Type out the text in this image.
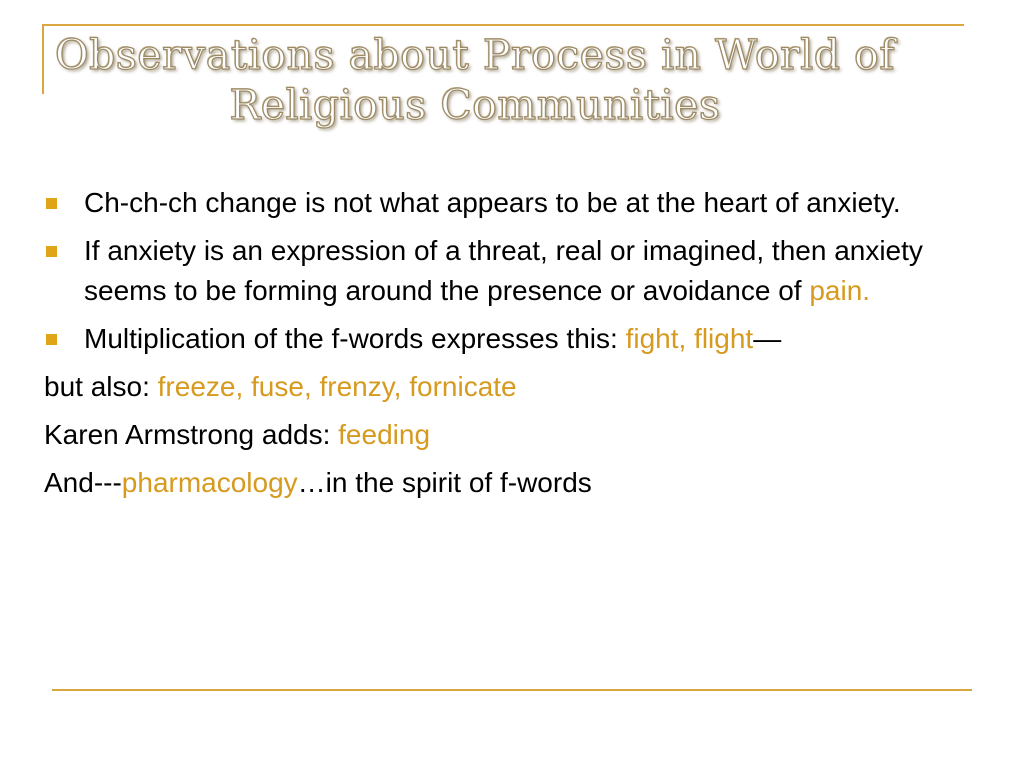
Observations about Process in World of
Religious Communities
Ch-ch-ch change is not what appears to be at the heart of anxiety.
If anxiety is an expression of a threat, real or imagined, then anxiety seems to be forming around the presence or avoidance of pain.
Multiplication of the f-words expresses this: fight, flight—
but also: freeze, fuse, frenzy, fornicate
Karen Armstrong adds: feeding
And---pharmacology…in the spirit of f-words
